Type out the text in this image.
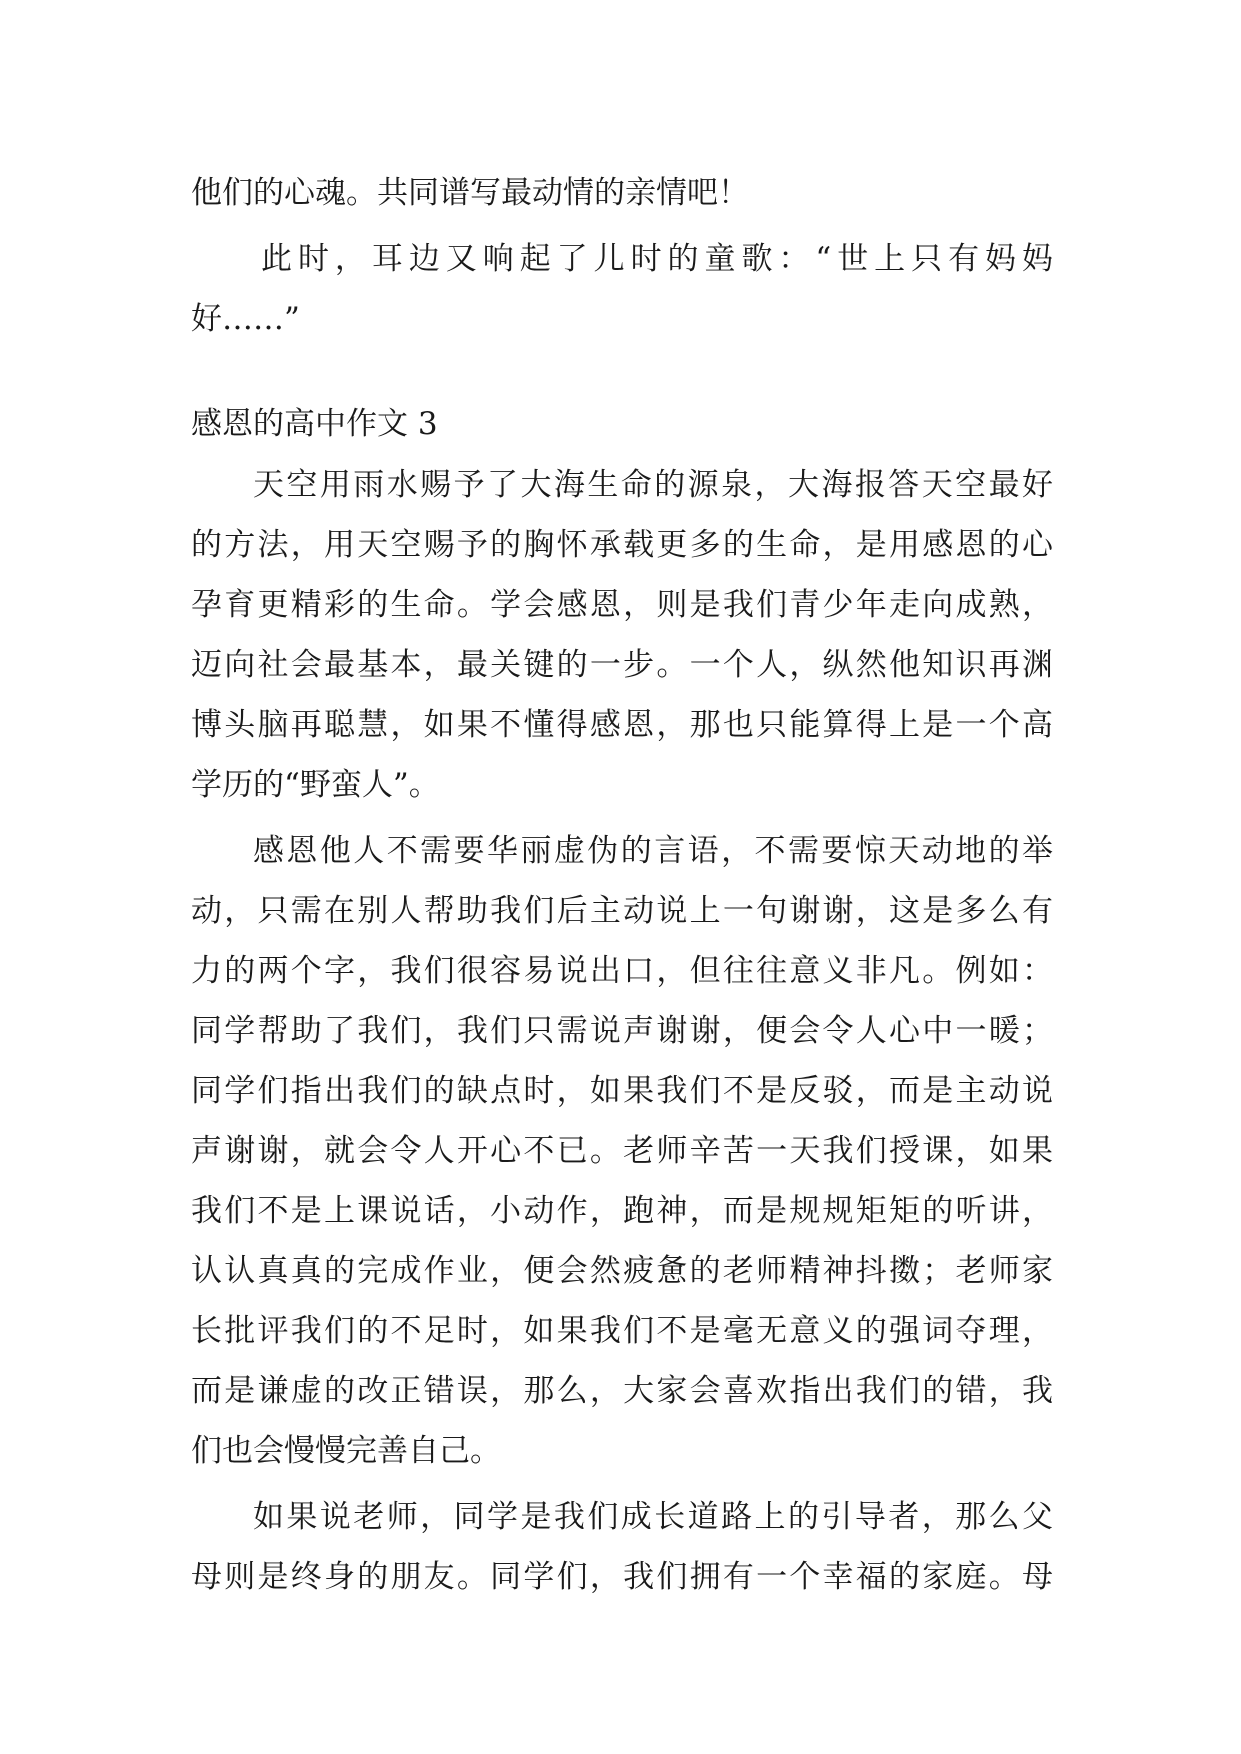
他们的心魂。共同谱写最动情的亲情吧！
此时，耳边又响起了儿时的童歌：“世上只有妈妈
好……”
感恩的高中作文 3
天空用雨水赐予了大海生命的源泉，大海报答天空最好
的方法，用天空赐予的胸怀承载更多的生命，是用感恩的心
孕育更精彩的生命。学会感恩，则是我们青少年走向成熟，
迈向社会最基本，最关键的一步。一个人，纵然他知识再渊
博头脑再聪慧，如果不懂得感恩，那也只能算得上是一个高
学历的“野蛮人”。
感恩他人不需要华丽虚伪的言语，不需要惊天动地的举
动，只需在别人帮助我们后主动说上一句谢谢，这是多么有
力的两个字，我们很容易说出口，但往往意义非凡。例如：
同学帮助了我们，我们只需说声谢谢，便会令人心中一暖；
同学们指出我们的缺点时，如果我们不是反驳，而是主动说
声谢谢，就会令人开心不已。老师辛苦一天我们授课，如果
我们不是上课说话，小动作，跑神，而是规规矩矩的听讲，
认认真真的完成作业，便会然疲惫的老师精神抖擞；老师家
长批评我们的不足时，如果我们不是毫无意义的强词夺理，
而是谦虚的改正错误，那么，大家会喜欢指出我们的错，我
们也会慢慢完善自己。
如果说老师，同学是我们成长道路上的引导者，那么父
母则是终身的朋友。同学们，我们拥有一个幸福的家庭。母
